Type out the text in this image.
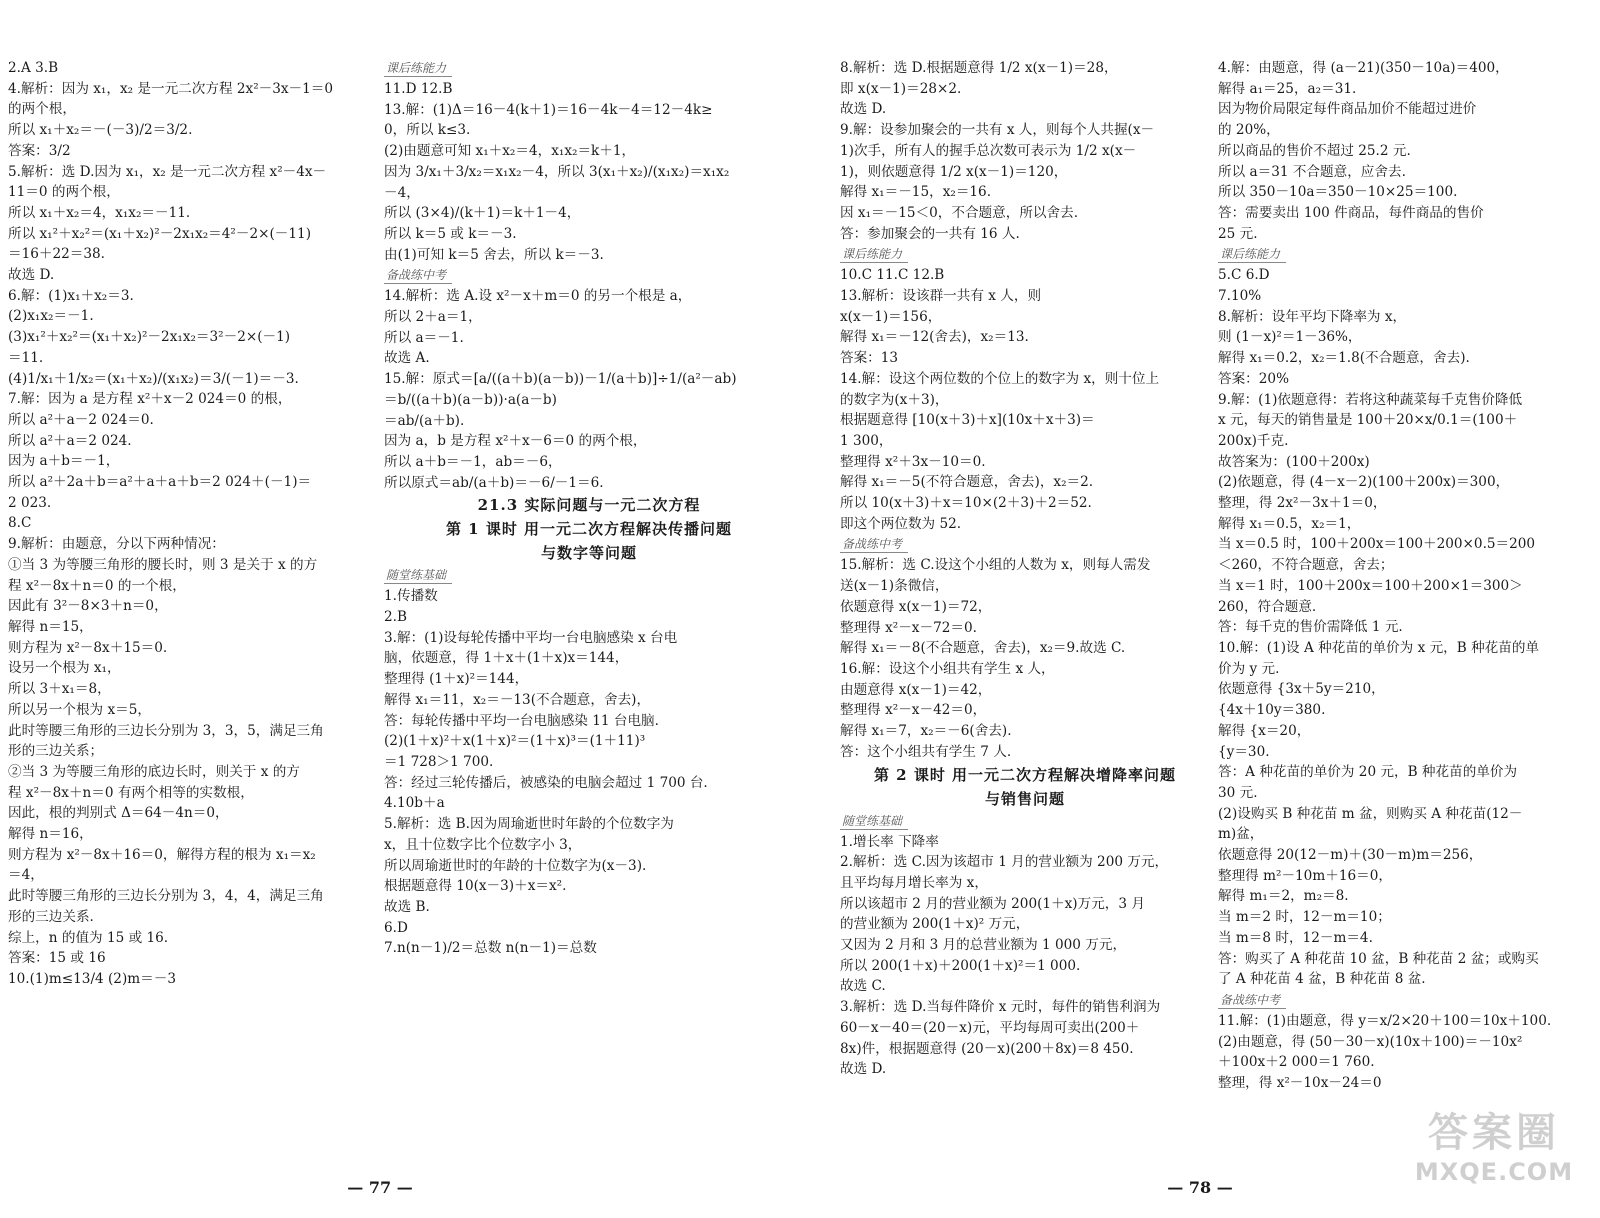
2.A 3.B
4.解析：因为 x₁，x₂ 是一元二次方程 2x²－3x－1＝0
的两个根，
所以 x₁＋x₂＝－(－3)/2＝3/2.
答案：3/2
5.解析：选 D.因为 x₁，x₂ 是一元二次方程 x²－4x－
11＝0 的两个根，
所以 x₁＋x₂＝4，x₁x₂＝－11.
所以 x₁²＋x₂²＝(x₁＋x₂)²－2x₁x₂＝4²－2×(－11)
＝16＋22＝38.
故选 D.
6.解：(1)x₁＋x₂＝3.
(2)x₁x₂＝－1.
(3)x₁²＋x₂²＝(x₁＋x₂)²－2x₁x₂＝3²－2×(－1)
＝11.
(4)1/x₁＋1/x₂＝(x₁＋x₂)/(x₁x₂)＝3/(－1)＝－3.
7.解：因为 a 是方程 x²＋x－2 024＝0 的根，
所以 a²＋a－2 024＝0.
所以 a²＋a＝2 024.
因为 a＋b＝－1，
所以 a²＋2a＋b＝a²＋a＋a＋b＝2 024＋(－1)＝
2 023.
8.C
9.解析：由题意，分以下两种情况：
①当 3 为等腰三角形的腰长时，则 3 是关于 x 的方
程 x²－8x＋n＝0 的一个根，
因此有 3²－8×3＋n＝0，
解得 n＝15，
则方程为 x²－8x＋15＝0.
设另一个根为 x₁，
所以 3＋x₁＝8，
所以另一个根为 x＝5，
此时等腰三角形的三边长分别为 3，3，5，满足三角
形的三边关系；
②当 3 为等腰三角形的底边长时，则关于 x 的方
程 x²－8x＋n＝0 有两个相等的实数根，
因此，根的判别式 Δ＝64－4n＝0，
解得 n＝16，
则方程为 x²－8x＋16＝0，解得方程的根为 x₁＝x₂
＝4，
此时等腰三角形的三边长分别为 3，4，4，满足三角
形的三边关系.
综上，n 的值为 15 或 16.
答案：15 或 16
10.(1)m≤13/4 (2)m＝－3
课后练能力
11.D 12.B
13.解：(1)Δ＝16－4(k＋1)＝16－4k－4＝12－4k≥
0，所以 k≤3.
(2)由题意可知 x₁＋x₂＝4，x₁x₂＝k＋1，
因为 3/x₁＋3/x₂＝x₁x₂－4，所以 3(x₁＋x₂)/(x₁x₂)＝x₁x₂
－4，
所以 (3×4)/(k＋1)＝k＋1－4，
所以 k＝5 或 k＝－3.
由(1)可知 k＝5 舍去，所以 k＝－3.
备战练中考
14.解析：选 A.设 x²－x＋m＝0 的另一个根是 a，
所以 2＋a＝1，
所以 a＝－1.
故选 A.
15.解：原式＝[a/((a＋b)(a－b))－1/(a＋b)]÷1/(a²－ab)
＝b/((a＋b)(a－b))·a(a－b)
＝ab/(a＋b).
因为 a，b 是方程 x²＋x－6＝0 的两个根，
所以 a＋b＝－1，ab＝－6，
所以原式＝ab/(a＋b)＝－6/－1＝6.
21.3 实际问题与一元二次方程
第 1 课时 用一元二次方程解决传播问题
与数字等问题
随堂练基础
1.传播数
2.B
3.解：(1)设每轮传播中平均一台电脑感染 x 台电
脑，依题意，得 1＋x＋(1＋x)x＝144，
整理得 (1＋x)²＝144，
解得 x₁＝11，x₂＝－13(不合题意，舍去)，
答：每轮传播中平均一台电脑感染 11 台电脑.
(2)(1＋x)²＋x(1＋x)²＝(1＋x)³＝(1＋11)³
＝1 728＞1 700.
答：经过三轮传播后，被感染的电脑会超过 1 700 台.
4.10b＋a
5.解析：选 B.因为周瑜逝世时年龄的个位数字为
x，且十位数字比个位数字小 3，
所以周瑜逝世时的年龄的十位数字为(x－3).
根据题意得 10(x－3)＋x＝x².
故选 B.
6.D
7.n(n－1)/2＝总数 n(n－1)＝总数
— 77 —
8.解析：选 D.根据题意得 1/2 x(x－1)＝28，
即 x(x－1)＝28×2.
故选 D.
9.解：设参加聚会的一共有 x 人，则每个人共握(x－
1)次手，所有人的握手总次数可表示为 1/2 x(x－
1)，则依题意得 1/2 x(x－1)＝120，
解得 x₁＝－15，x₂＝16.
因 x₁＝－15＜0，不合题意，所以舍去.
答：参加聚会的一共有 16 人.
课后练能力
10.C 11.C 12.B
13.解析：设该群一共有 x 人，则
x(x－1)＝156，
解得 x₁＝－12(舍去)，x₂＝13.
答案：13
14.解：设这个两位数的个位上的数字为 x，则十位上
的数字为(x＋3)，
根据题意得 [10(x＋3)＋x](10x＋x＋3)＝
1 300，
整理得 x²＋3x－10＝0.
解得 x₁＝－5(不符合题意，舍去)，x₂＝2.
所以 10(x＋3)＋x＝10×(2＋3)＋2＝52.
即这个两位数为 52.
备战练中考
15.解析：选 C.设这个小组的人数为 x，则每人需发
送(x－1)条微信，
依题意得 x(x－1)＝72，
整理得 x²－x－72＝0.
解得 x₁＝－8(不合题意，舍去)，x₂＝9.故选 C.
16.解：设这个小组共有学生 x 人，
由题意得 x(x－1)＝42，
整理得 x²－x－42＝0，
解得 x₁＝7，x₂＝－6(舍去).
答：这个小组共有学生 7 人.
第 2 课时 用一元二次方程解决增降率问题
与销售问题
随堂练基础
1.增长率 下降率
2.解析：选 C.因为该超市 1 月的营业额为 200 万元，
且平均每月增长率为 x，
所以该超市 2 月的营业额为 200(1＋x)万元，3 月
的营业额为 200(1＋x)² 万元，
又因为 2 月和 3 月的总营业额为 1 000 万元，
所以 200(1＋x)＋200(1＋x)²＝1 000.
故选 C.
3.解析：选 D.当每件降价 x 元时，每件的销售利润为
60－x－40＝(20－x)元，平均每周可卖出(200＋
8x)件，根据题意得 (20－x)(200＋8x)＝8 450.
故选 D.
4.解：由题意，得 (a－21)(350－10a)＝400，
解得 a₁＝25，a₂＝31.
因为物价局限定每件商品加价不能超过进价
的 20%，
所以商品的售价不超过 25.2 元.
所以 a＝31 不合题意，应舍去.
所以 350－10a＝350－10×25＝100.
答：需要卖出 100 件商品，每件商品的售价
25 元.
课后练能力
5.C 6.D
7.10%
8.解析：设年平均下降率为 x，
则 (1－x)²＝1－36%，
解得 x₁＝0.2，x₂＝1.8(不合题意，舍去).
答案：20%
9.解：(1)依题意得：若将这种蔬菜每千克售价降低
x 元，每天的销售量是 100＋20×x/0.1＝(100＋
200x)千克.
故答案为：(100＋200x)
(2)依题意，得 (4－x－2)(100＋200x)＝300，
整理，得 2x²－3x＋1＝0，
解得 x₁＝0.5，x₂＝1，
当 x＝0.5 时，100＋200x＝100＋200×0.5＝200
＜260，不符合题意，舍去；
当 x＝1 时，100＋200x＝100＋200×1＝300＞
260，符合题意.
答：每千克的售价需降低 1 元.
10.解：(1)设 A 种花苗的单价为 x 元，B 种花苗的单
价为 y 元.
依题意得 {3x＋5y＝210，
{4x＋10y＝380.
解得 {x＝20，
{y＝30.
答：A 种花苗的单价为 20 元，B 种花苗的单价为
30 元.
(2)设购买 B 种花苗 m 盆，则购买 A 种花苗(12－
m)盆，
依题意得 20(12－m)＋(30－m)m＝256，
整理得 m²－10m＋16＝0，
解得 m₁＝2，m₂＝8.
当 m＝2 时，12－m＝10；
当 m＝8 时，12－m＝4.
答：购买了 A 种花苗 10 盆，B 种花苗 2 盆；或购买
了 A 种花苗 4 盆，B 种花苗 8 盆.
备战练中考
11.解：(1)由题意，得 y＝x/2×20＋100＝10x＋100.
(2)由题意，得 (50－30－x)(10x＋100)＝－10x²
＋100x＋2 000＝1 760.
整理，得 x²－10x－24＝0
— 78 —
答案圈
MXQE.COM
